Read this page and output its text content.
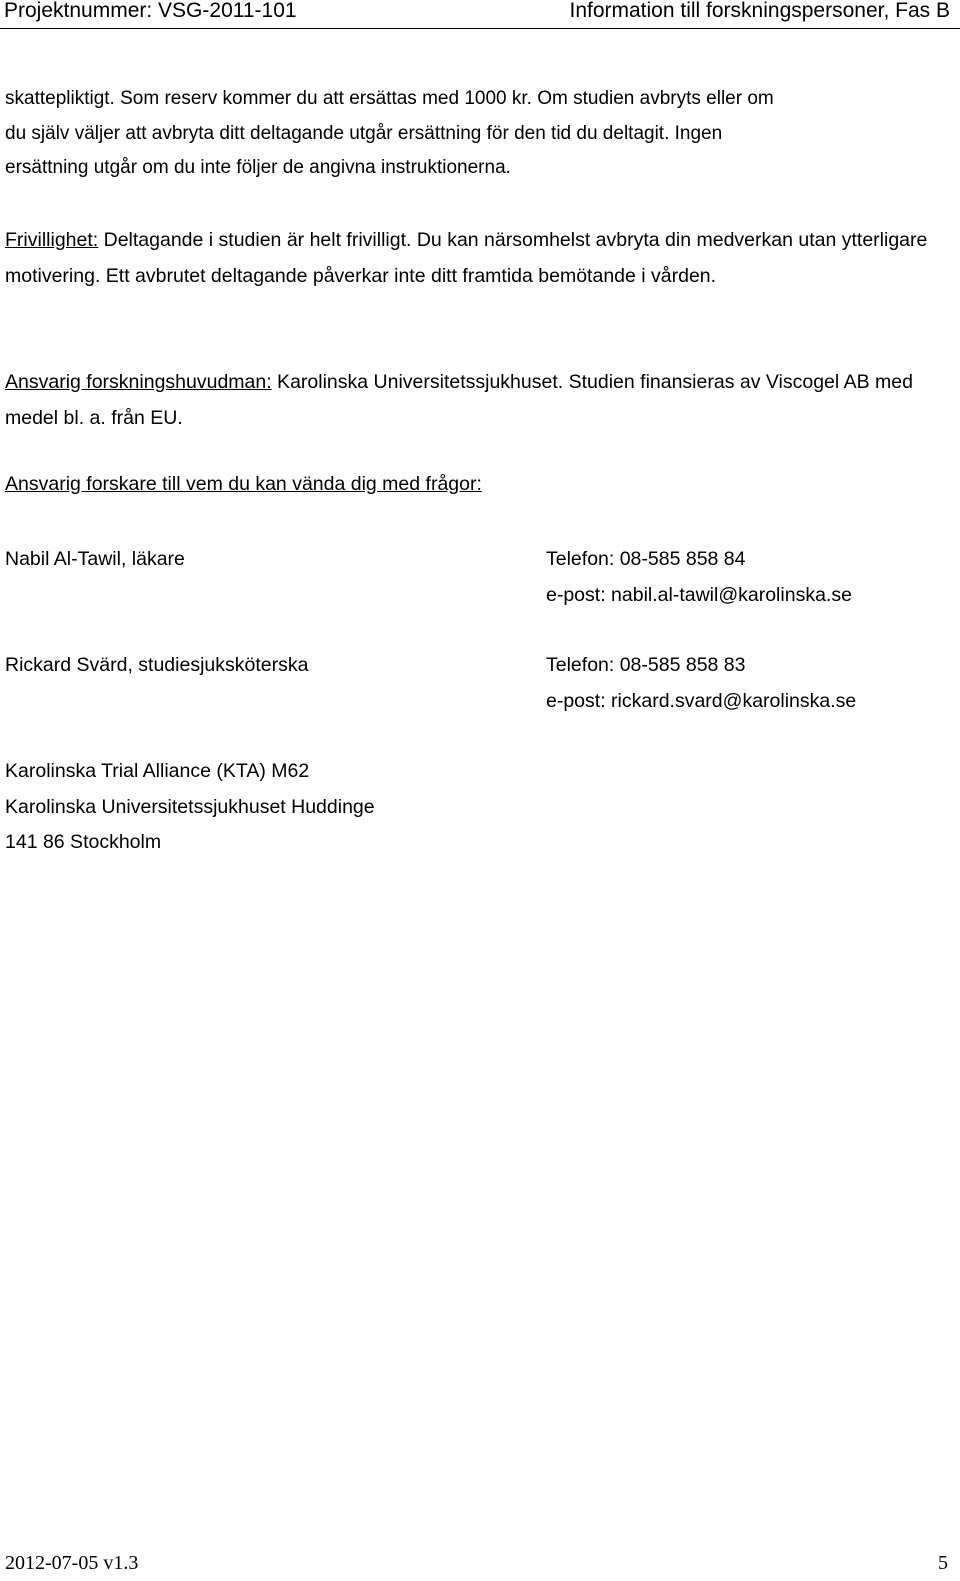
Projektnummer: VSG-2011-101	Information till forskningspersoner, Fas B
skattepliktigt. Som reserv kommer du att ersättas med 1000 kr. Om studien avbryts eller om
du själv väljer att avbryta ditt deltagande utgår ersättning för den tid du deltagit. Ingen
ersättning utgår om du inte följer de angivna instruktionerna.

Frivillighet: Deltagande i studien är helt frivilligt. Du kan närsomhelst avbryta din medverkan utan ytterligare motivering. Ett avbrutet deltagande påverkar inte ditt framtida bemötande i vården.

Ansvarig forskningshuvudman: Karolinska Universitetssjukhuset. Studien finansieras av Viscogel AB med medel bl. a. från EU.

Ansvarig forskare till vem du kan vända dig med frågor:

Nabil Al-Tawil, läkare	Telefon: 08-585 858 84
e-post: nabil.al-tawil@karolinska.se
Rickard Svärd, studiesjuksköterska	Telefon: 08-585 858 83
e-post: rickard.svard@karolinska.se
Karolinska Trial Alliance (KTA) M62
Karolinska Universitetssjukhuset Huddinge
141 86 Stockholm
2012-07-05 v1.3	5
